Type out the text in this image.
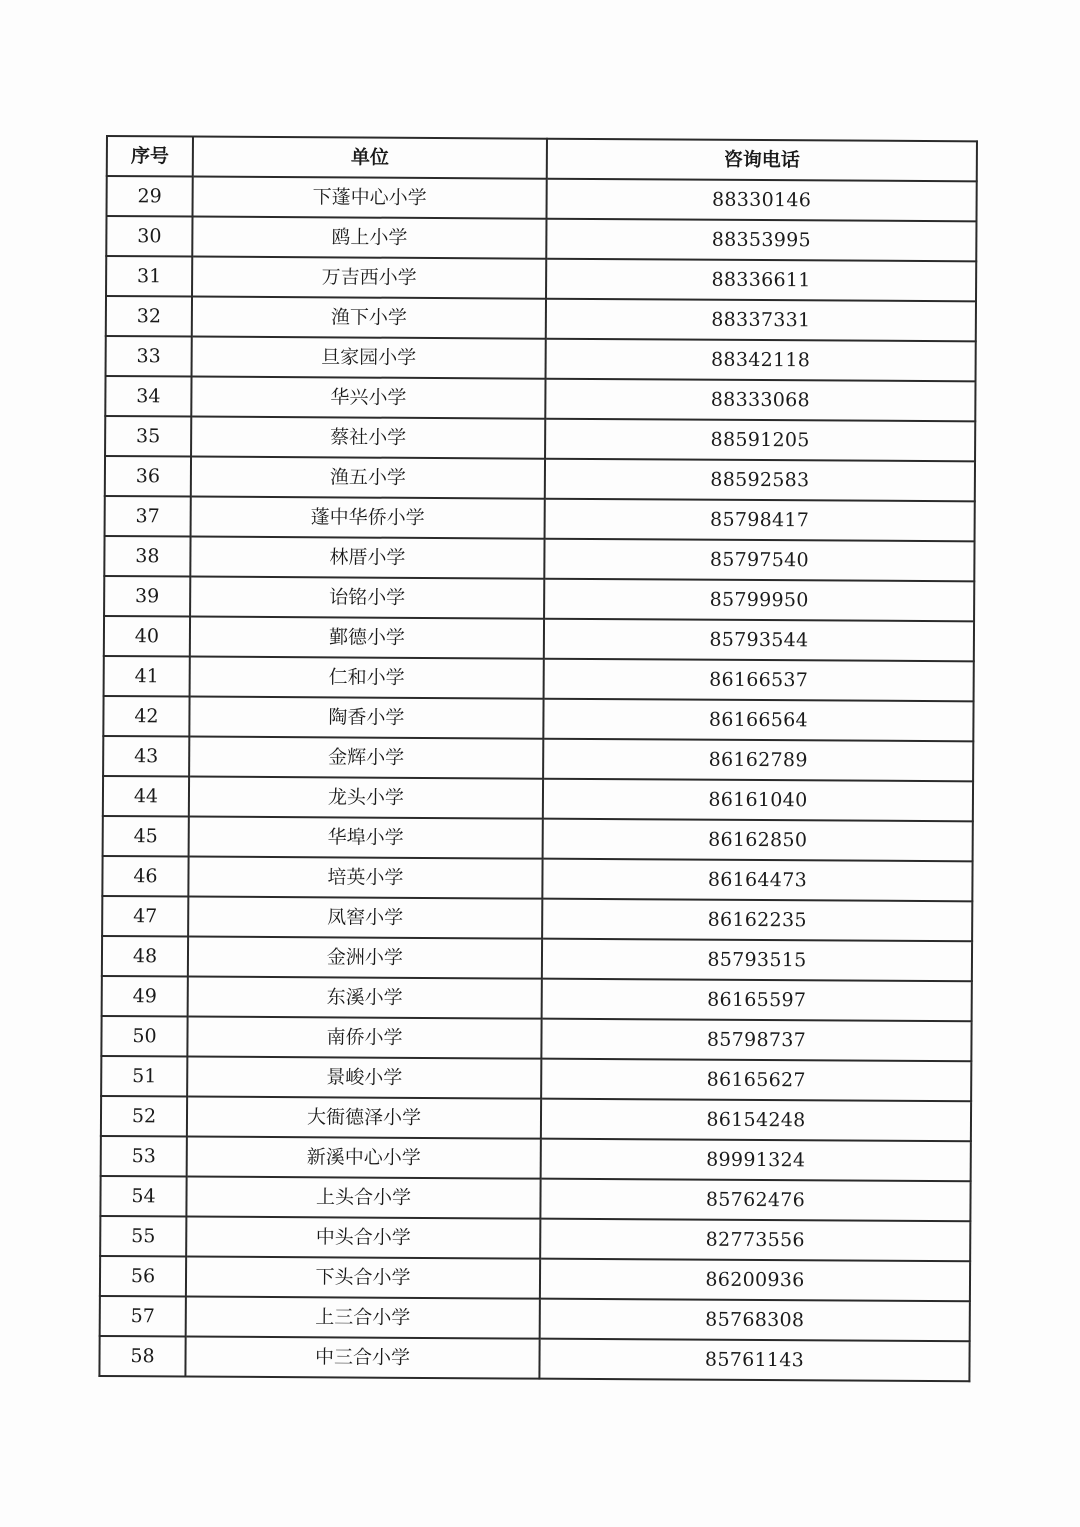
序号	单位	咨询电话
29	下蓬中心小学	88330146
30	鸥上小学	88353995
31	万吉西小学	88336611
32	渔下小学	88337331
33	旦家园小学	88342118
34	华兴小学	88333068
35	蔡社小学	88591205
36	渔五小学	88592583
37	蓬中华侨小学	85798417
38	林厝小学	85797540
39	诒铭小学	85799950
40	鄞德小学	85793544
41	仁和小学	86166537
42	陶香小学	86166564
43	金辉小学	86162789
44	龙头小学	86161040
45	华埠小学	86162850
46	培英小学	86164473
47	凤窖小学	86162235
48	金洲小学	85793515
49	东溪小学	86165597
50	南侨小学	85798737
51	景峻小学	86165627
52	大衙德泽小学	86154248
53	新溪中心小学	89991324
54	上头合小学	85762476
55	中头合小学	82773556
56	下头合小学	86200936
57	上三合小学	85768308
58	中三合小学	85761143
